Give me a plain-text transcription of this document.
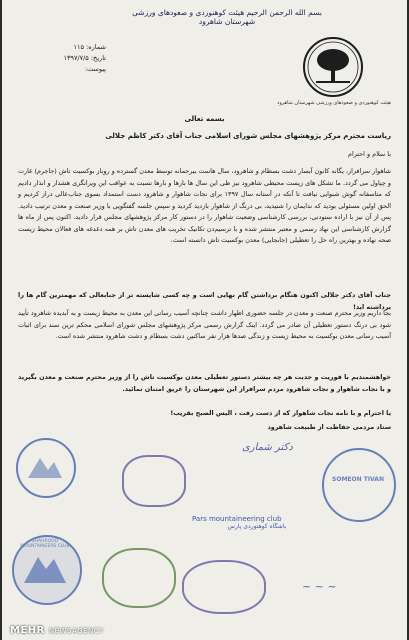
بسم الله الرحمن الرحیم هیئت کوهنوردی و صعودهای ورزشی شهرستان شاهرود
شماره: ۱۱۵
تاریخ: ۱۳۹۷/۷/۵
پیوست:
هیئت کوهنوردی و صعودهای ورزشی شهرستان شاهرود
بسمه تعالی
ریاست محترم مرکز پژوهشهای مجلس شورای اسلامی جناب آقای دکتر کاظم جلالی
با سلام و احترام
شاهوار سرافراز، یگانه کانون آبسار دشت بسطام و شاهرود، سال هاست بیرحمانه توسط معدن گسترده و روباز بوکسیت تاش (جاجرم) غارت و چپاول می گردد. ما تشکل های زیست محیطی شاهرود نیز طی این سال ها بارها و بارها نسبت به عواقب این ویرانگری هشدار و انذار دادیم که متاسفانه گوش شنوایی نیافت تا آنکه در آستانه سال ۱۳۹۷ برای نجات شاهوار و شاهرود دست استمداد بسوی جناب‌عالی دراز کردیم و الحق اولین مسئولی بودید که ندایمان را شنیدید، بی درنگ از شاهوار بازدید کردید و سپس جلسه گفتگویی با وزیر صنعت و معدن ترتیب دادید. پس از آن نیز با اراده ستودنی، بررسی کارشناسی وضعیت شاهوار را در دستور کار مرکز پژوهشهای مجلس قرار دادید. اکنون پس از ماه ها گزارش کارشناسی این نهاد رسمی و معتبر منتشر شده و با ترسیم‌دن تکانیک تخریب های معدن تاش بر همه دغدغه های فعالان محیط زیست صحه نهاده و بهترین راه حل را تعطیلی (جابجایی) معدن بوکسیت تاش دانسته است.
جناب آقای دکتر جلالی اکنون هنگام برداشتن گام نهایی است و چه کسی شایسته تر از جنابعالی که مهمترین گام ها را برداشته اید!
بجا داریم وزیر محترم صنعت و معدن در جلسه حضوری اظهار داشت چنانچه آسیب رسانی این معدن به محیط زیست و به آبدیده شاهرود تأیید شود بی درنگ دستور تعطیلی آن صادر می گردد. اینک گزارش رسمی مرکز پژوهشهای مجلس شورای اسلامی محکم ترین سند برای اثبات آسیب رسانی معدن بوکسیت به محیط زیست و زندگی صدها هزار نفر ساکنین دشت بسطام و دشت شاهرود منتشر شده است.
خواهشمندیم با فوریت و جدیت هر چه بیشتر دستور تعطیلی معدن بوکسیت تاش را از وزیر محترم صنعت و معدن بگیرید و با نجات شاهوار و نجات شاهرود مردم سرافراز این شهرستان را غریق امتنان نمائید.
یا احترام و با نامه نجات شاهوار که از دست رفت ، الیس الصبح بقریب!
ستاد مردمی حفاظت از طبیعت شاهرود
SOMEON TIVAN
دکتر شماری
Pars mountaineering club
باشگاه کوهنوردی پارس
SHAHROOD MOUNTAINEERS CLUB
~ ~ ~
MEHR NEWSAGENCY
